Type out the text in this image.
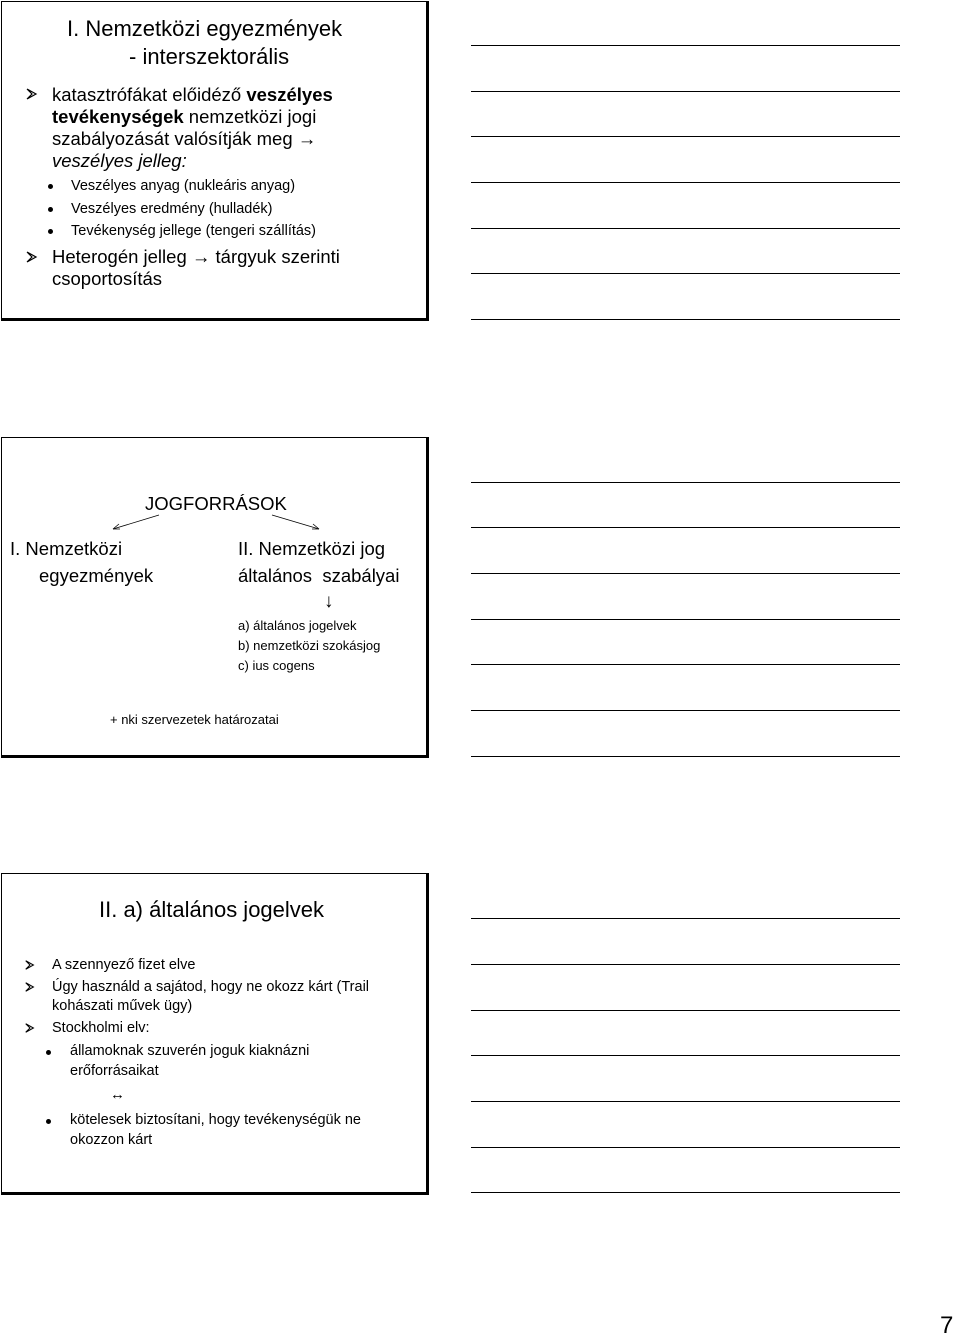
I. Nemzetközi egyezmények
- interszektorális
katasztrófákat előidéző veszélyes
tevékenységek nemzetközi jogi
szabályozását valósítják meg →
veszélyes jelleg:
Veszélyes anyag (nukleáris anyag)
Veszélyes eredmény (hulladék)
Tevékenység jellege (tengeri szállítás)
Heterogén jelleg → tárgyuk szerinti
csoportosítás
JOGFORRÁSOK
I. Nemzetközi
egyezmények
II. Nemzetközi jog
általános  szabályai
↓
a) általános jogelvek
b) nemzetközi szokásjog
c) ius cogens
+ nki szervezetek határozatai
II. a) általános jogelvek
A szennyező fizet elve
Úgy használd a sajátod, hogy ne okozz kárt (Trail
kohászati művek ügy)
Stockholmi elv:
államoknak szuverén joguk kiaknázni
erőforrásaikat
↔
kötelesek biztosítani, hogy tevékenységük ne
okozzon kárt
7
